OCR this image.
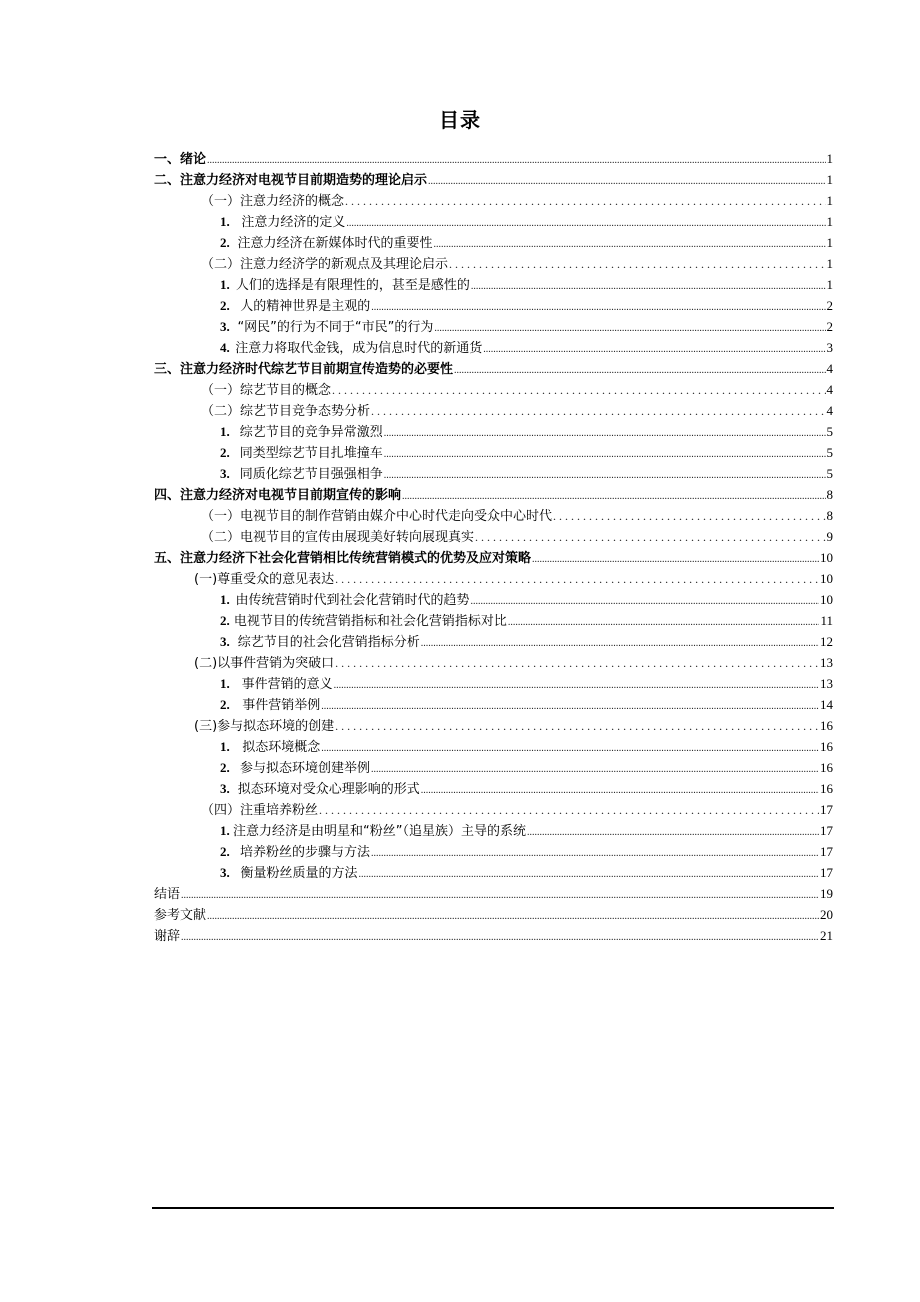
目录
一、绪论 .....	1
二、注意力经济对电视节目前期造势的理论启示 .....	1
（一）注意力经济的概念 .....	1
1. 注意力经济的定义 .....	1
2. 注意力经济在新媒体时代的重要性 .....	1
（二）注意力经济学的新观点及其理论启示 .....	1
1. 人们的选择是有限理性的，甚至是感性的 .....	1
2. 人的精神世界是主观的 .....	2
3. “网民”的行为不同于“市民”的行为 .....	2
4. 注意力将取代金钱，成为信息时代的新通货 .....	3
三、注意力经济时代综艺节目前期宣传造势的必要性 .....	4
（一）综艺节目的概念 .....	4
（二）综艺节目竞争态势分析 .....	4
1. 综艺节目的竞争异常激烈 .....	5
2. 同类型综艺节目扎堆撞车 .....	5
3. 同质化综艺节目强强相争 .....	5
四、注意力经济对电视节目前期宣传的影响 .....	8
（一）电视节目的制作营销由媒介中心时代走向受众中心时代 .....	8
（二）电视节目的宣传由展现美好转向展现真实 .....	9
五、注意力经济下社会化营销相比传统营销模式的优势及应对策略 .....	10
(一)尊重受众的意见表达 .....	10
1. 由传统营销时代到社会化营销时代的趋势 .....	10
2. 电视节目的传统营销指标和社会化营销指标对比 .....	11
3. 综艺节目的社会化营销指标分析 .....	12
(二)以事件营销为突破口 .....	13
1. 事件营销的意义 .....	13
2. 事件营销举例 .....	14
(三)参与拟态环境的创建 .....	16
1. 拟态环境概念 .....	16
2. 参与拟态环境创建举例 .....	16
3. 拟态环境对受众心理影响的形式 .....	16
（四）注重培养粉丝 .....	17
1. 注意力经济是由明星和“粉丝”（追星族）主导的系统 .....	17
2. 培养粉丝的步骤与方法 .....	17
3. 衡量粉丝质量的方法 .....	17
结语 .....	19
参考文献 .....	20
谢辞 .....	21
